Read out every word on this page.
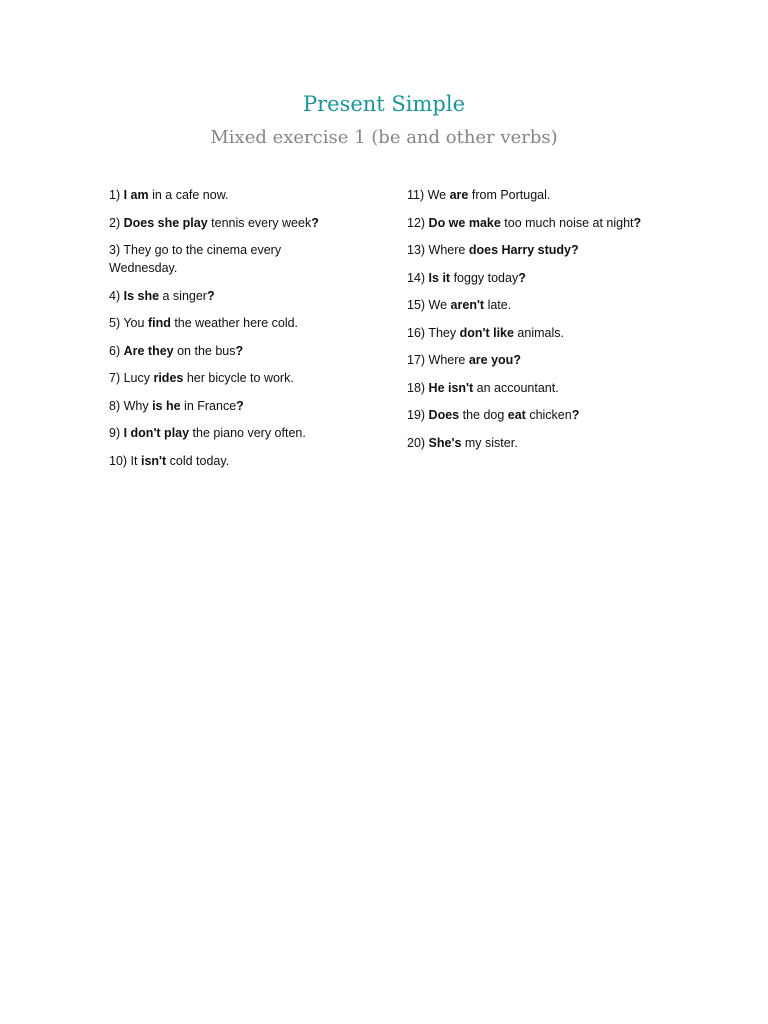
Present Simple
Mixed exercise 1 (be and other verbs)
1) I am in a cafe now.
2) Does she play tennis every week?
3) They go to the cinema every Wednesday.
4) Is she a singer?
5) You find the weather here cold.
6) Are they on the bus?
7) Lucy rides her bicycle to work.
8) Why is he in France?
9) I don't play the piano very often.
10) It isn't cold today.
11) We are from Portugal.
12) Do we make too much noise at night?
13) Where does Harry study?
14) Is it foggy today?
15) We aren't late.
16) They don't like animals.
17) Where are you?
18) He isn't an accountant.
19) Does the dog eat chicken?
20) She's my sister.
